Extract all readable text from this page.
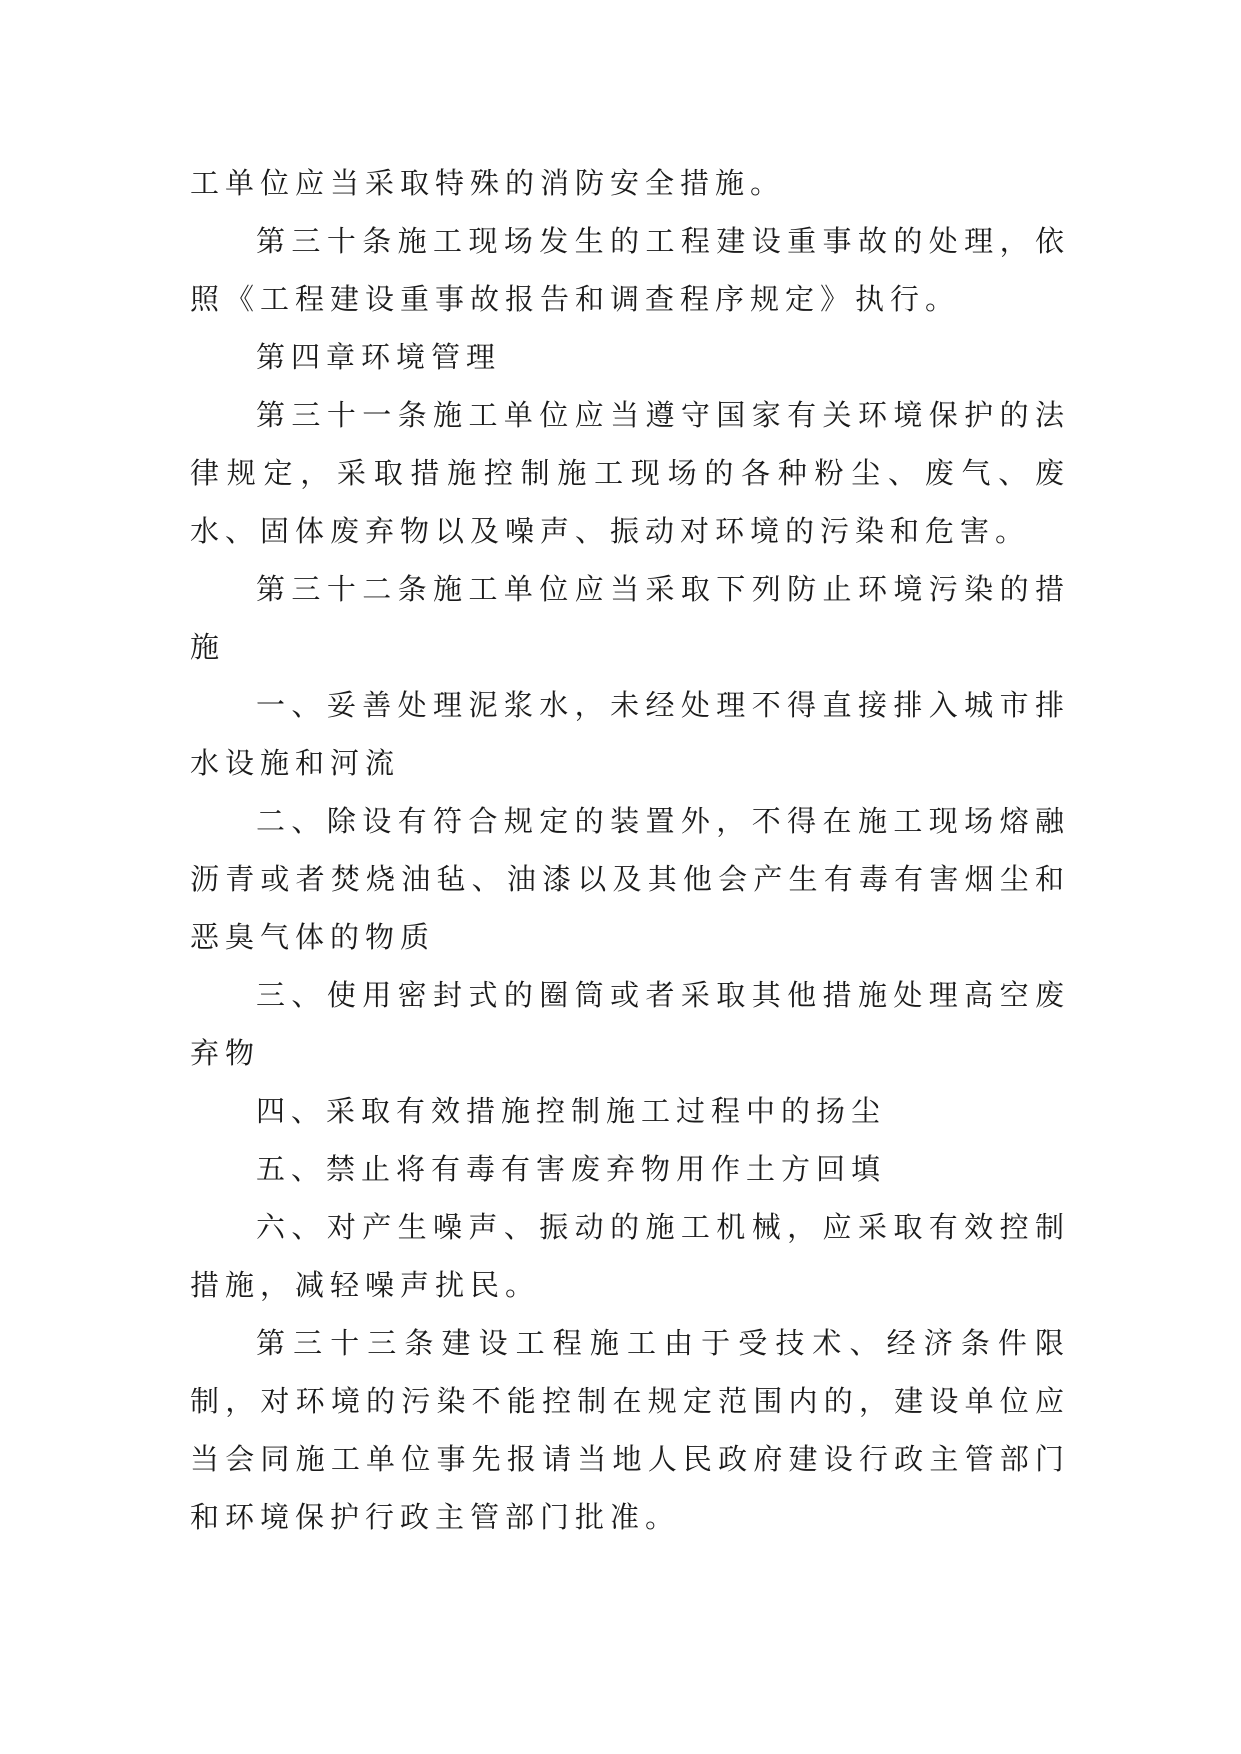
工单位应当采取特殊的消防安全措施。

第三十条施工现场发生的工程建设重事故的处理，依照《工程建设重事故报告和调查程序规定》执行。

第四章环境管理

第三十一条施工单位应当遵守国家有关环境保护的法律规定，采取措施控制施工现场的各种粉尘、废气、废水、固体废弃物以及噪声、振动对环境的污染和危害。

第三十二条施工单位应当采取下列防止环境污染的措施

一、妥善处理泥浆水，未经处理不得直接排入城市排水设施和河流

二、除设有符合规定的装置外，不得在施工现场熔融沥青或者焚烧油毡、油漆以及其他会产生有毒有害烟尘和恶臭气体的物质

三、使用密封式的圈筒或者采取其他措施处理高空废弃物

四、采取有效措施控制施工过程中的扬尘

五、禁止将有毒有害废弃物用作土方回填

六、对产生噪声、振动的施工机械，应采取有效控制措施，减轻噪声扰民。

第三十三条建设工程施工由于受技术、经济条件限制，对环境的污染不能控制在规定范围内的，建设单位应当会同施工单位事先报请当地人民政府建设行政主管部门和环境保护行政主管部门批准。
